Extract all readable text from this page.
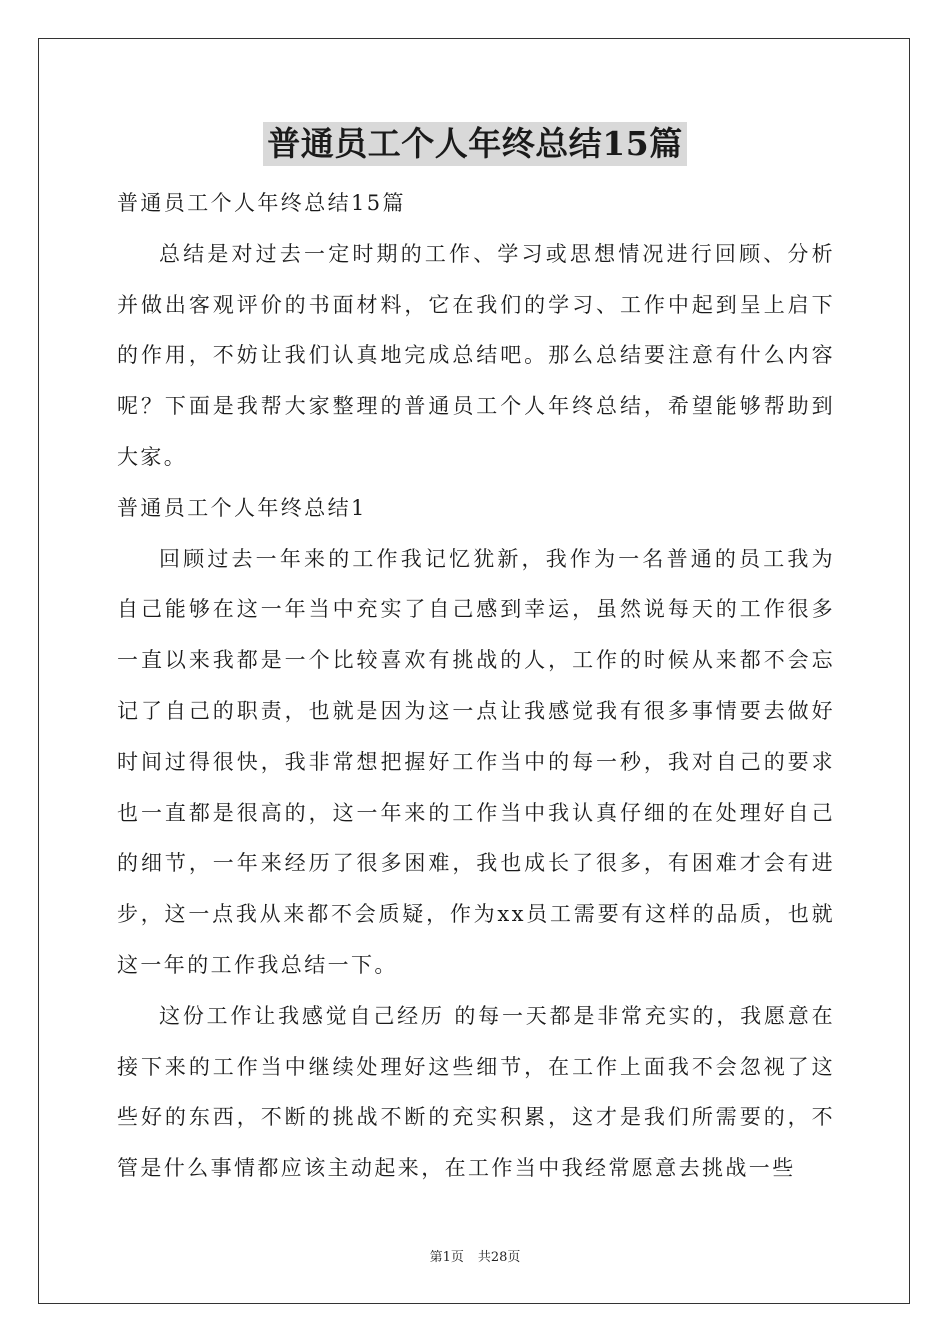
普通员工个人年终总结15篇

普通员工个人年终总结15篇

总结是对过去一定时期的工作、学习或思想情况进行回顾、分析并做出客观评价的书面材料，它在我们的学习、工作中起到呈上启下的作用，不妨让我们认真地完成总结吧。那么总结要注意有什么内容呢？下面是我帮大家整理的普通员工个人年终总结，希望能够帮助到大家。

普通员工个人年终总结1

回顾过去一年来的工作我记忆犹新，我作为一名普通的员工我为自己能够在这一年当中充实了自己感到幸运，虽然说每天的工作很多一直以来我都是一个比较喜欢有挑战的人，工作的时候从来都不会忘记了自己的职责，也就是因为这一点让我感觉我有很多事情要去做好时间过得很快，我非常想把握好工作当中的每一秒，我对自己的要求也一直都是很高的，这一年来的工作当中我认真仔细的在处理好自己的细节，一年来经历了很多困难，我也成长了很多，有困难才会有进步，这一点我从来都不会质疑，作为xx员工需要有这样的品质，也就这一年的工作我总结一下。

这份工作让我感觉自己经历 的每一天都是非常充实的，我愿意在接下来的工作当中继续处理好这些细节，在工作上面我不会忽视了这些好的东西，不断的挑战不断的充实积累，这才是我们所需要的，不管是什么事情都应该主动起来，在工作当中我经常愿意去挑战一些

第1页 共28页
